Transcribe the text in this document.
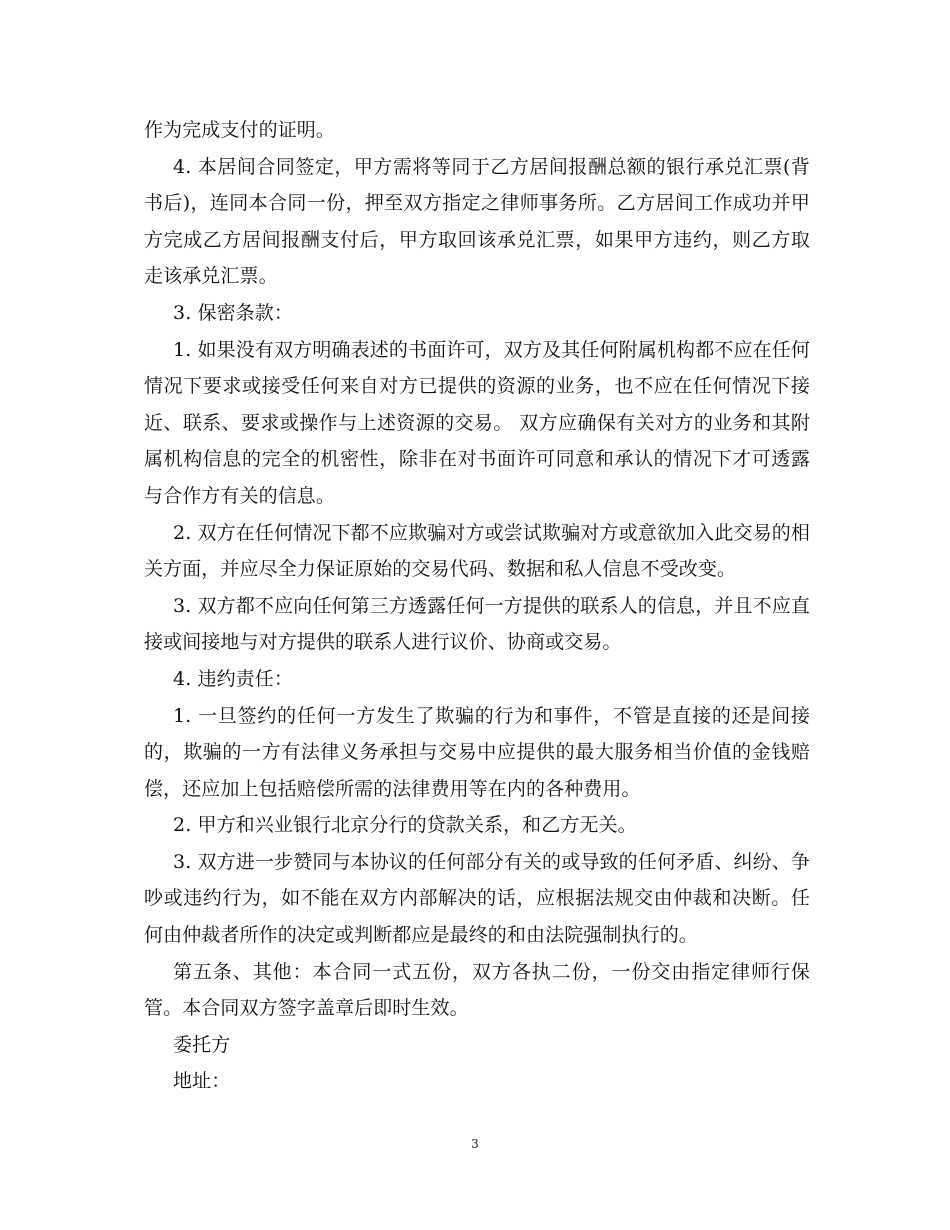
作为完成支付的证明。

4. 本居间合同签定，甲方需将等同于乙方居间报酬总额的银行承兑汇票(背书后)，连同本合同一份，押至双方指定之律师事务所。乙方居间工作成功并甲方完成乙方居间报酬支付后，甲方取回该承兑汇票，如果甲方违约，则乙方取走该承兑汇票。

3. 保密条款：

1. 如果没有双方明确表述的书面许可，双方及其任何附属机构都不应在任何情况下要求或接受任何来自对方已提供的资源的业务，也不应在任何情况下接近、联系、要求或操作与上述资源的交易。 双方应确保有关对方的业务和其附属机构信息的完全的机密性，除非在对书面许可同意和承认的情况下才可透露与合作方有关的信息。

2. 双方在任何情况下都不应欺骗对方或尝试欺骗对方或意欲加入此交易的相关方面，并应尽全力保证原始的交易代码、数据和私人信息不受改变。

3. 双方都不应向任何第三方透露任何一方提供的联系人的信息，并且不应直接或间接地与对方提供的联系人进行议价、协商或交易。

4. 违约责任：

1. 一旦签约的任何一方发生了欺骗的行为和事件，不管是直接的还是间接的，欺骗的一方有法律义务承担与交易中应提供的最大服务相当价值的金钱赔偿，还应加上包括赔偿所需的法律费用等在内的各种费用。

2. 甲方和兴业银行北京分行的贷款关系，和乙方无关。

3. 双方进一步赞同与本协议的任何部分有关的或导致的任何矛盾、纠纷、争吵或违约行为，如不能在双方内部解决的话，应根据法规交由仲裁和决断。任何由仲裁者所作的决定或判断都应是最终的和由法院强制执行的。

第五条、其他：本合同一式五份，双方各执二份，一份交由指定律师行保管。本合同双方签字盖章后即时生效。

委托方

地址：

3
